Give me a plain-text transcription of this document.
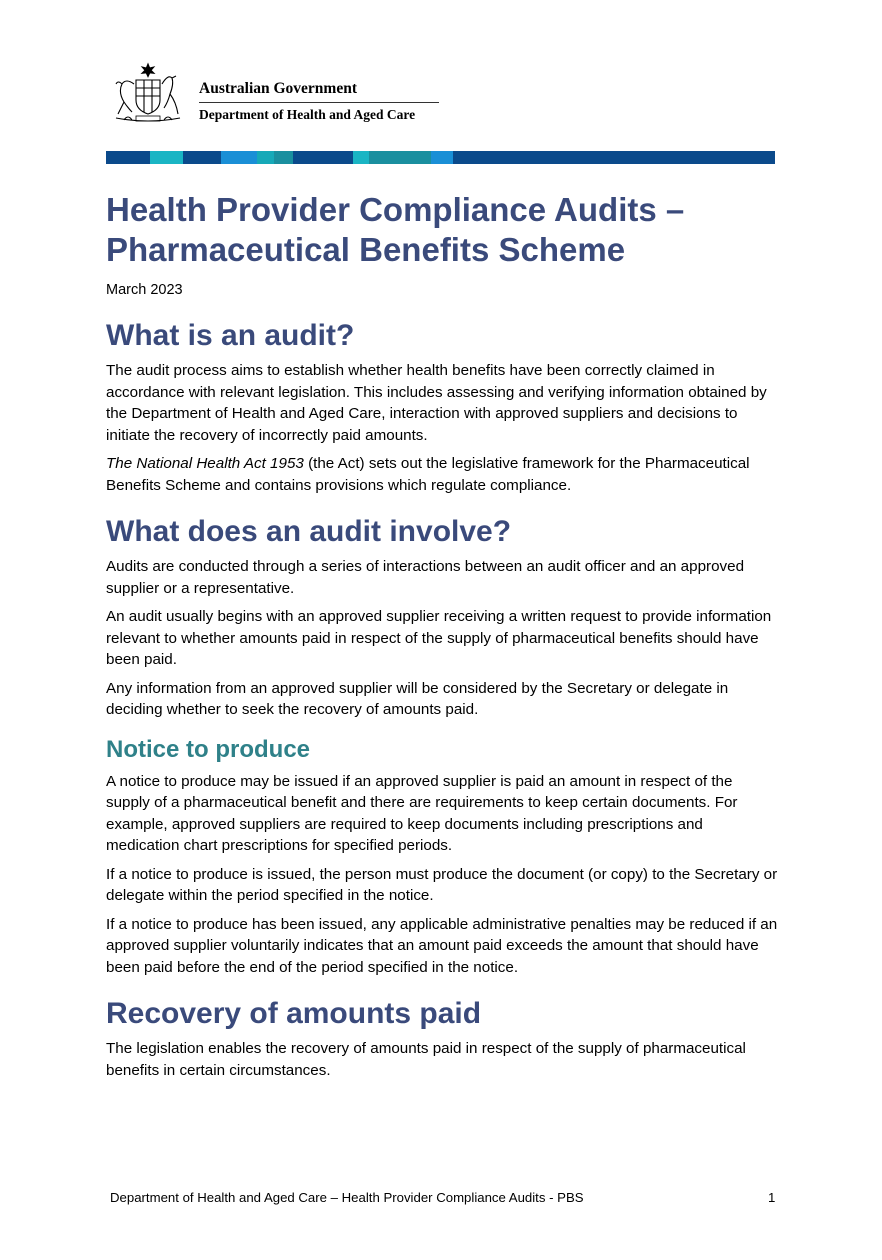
Australian Government
Department of Health and Aged Care
Health Provider Compliance Audits –
Pharmaceutical Benefits Scheme

March 2023

What is an audit?

The audit process aims to establish whether health benefits have been correctly claimed in accordance with relevant legislation. This includes assessing and verifying information obtained by the Department of Health and Aged Care, interaction with approved suppliers and decisions to initiate the recovery of incorrectly paid amounts.

The National Health Act 1953 (the Act) sets out the legislative framework for the Pharmaceutical Benefits Scheme and contains provisions which regulate compliance.

What does an audit involve?

Audits are conducted through a series of interactions between an audit officer and an approved supplier or a representative.

An audit usually begins with an approved supplier receiving a written request to provide information relevant to whether amounts paid in respect of the supply of pharmaceutical benefits should have been paid.

Any information from an approved supplier will be considered by the Secretary or delegate in deciding whether to seek the recovery of amounts paid.

Notice to produce

A notice to produce may be issued if an approved supplier is paid an amount in respect of the supply of a pharmaceutical benefit and there are requirements to keep certain documents. For example, approved suppliers are required to keep documents including prescriptions and medication chart prescriptions for specified periods.

If a notice to produce is issued, the person must produce the document (or copy) to the Secretary or delegate within the period specified in the notice.

If a notice to produce has been issued, any applicable administrative penalties may be reduced if an approved supplier voluntarily indicates that an amount paid exceeds the amount that should have been paid before the end of the period specified in the notice.

Recovery of amounts paid

The legislation enables the recovery of amounts paid in respect of the supply of pharmaceutical benefits in certain circumstances.

Department of Health and Aged Care – Health Provider Compliance Audits - PBS	1
